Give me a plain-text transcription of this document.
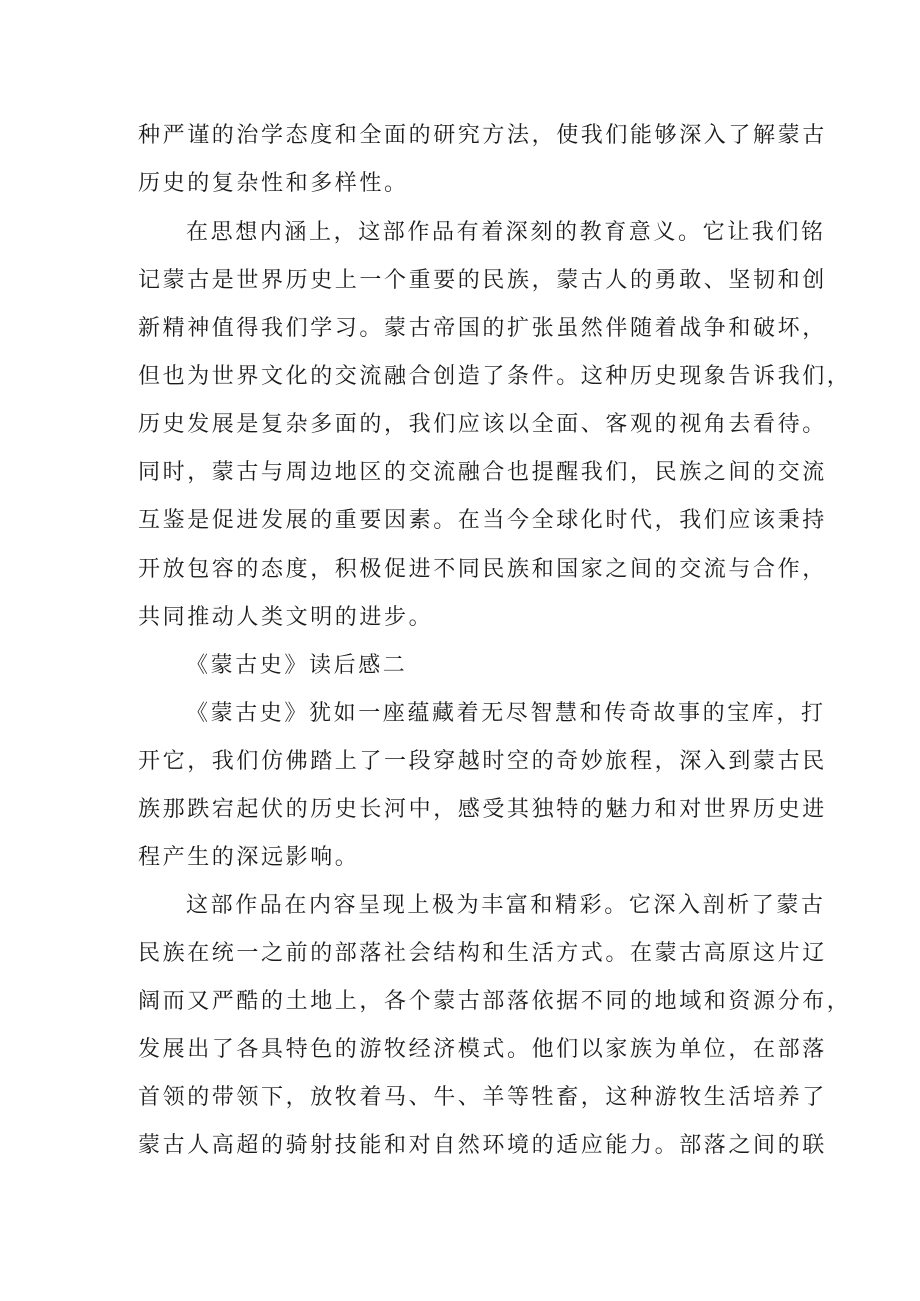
种严谨的治学态度和全面的研究方法，使我们能够深入了解蒙古
历史的复杂性和多样性。
在思想内涵上，这部作品有着深刻的教育意义。它让我们铭
记蒙古是世界历史上一个重要的民族，蒙古人的勇敢、坚韧和创
新精神值得我们学习。蒙古帝国的扩张虽然伴随着战争和破坏，
但也为世界文化的交流融合创造了条件。这种历史现象告诉我们，
历史发展是复杂多面的，我们应该以全面、客观的视角去看待。
同时，蒙古与周边地区的交流融合也提醒我们，民族之间的交流
互鉴是促进发展的重要因素。在当今全球化时代，我们应该秉持
开放包容的态度，积极促进不同民族和国家之间的交流与合作，
共同推动人类文明的进步。
《蒙古史》读后感二
《蒙古史》犹如一座蕴藏着无尽智慧和传奇故事的宝库，打
开它，我们仿佛踏上了一段穿越时空的奇妙旅程，深入到蒙古民
族那跌宕起伏的历史长河中，感受其独特的魅力和对世界历史进
程产生的深远影响。
这部作品在内容呈现上极为丰富和精彩。它深入剖析了蒙古
民族在统一之前的部落社会结构和生活方式。在蒙古高原这片辽
阔而又严酷的土地上，各个蒙古部落依据不同的地域和资源分布，
发展出了各具特色的游牧经济模式。他们以家族为单位，在部落
首领的带领下，放牧着马、牛、羊等牲畜，这种游牧生活培养了
蒙古人高超的骑射技能和对自然环境的适应能力。部落之间的联
